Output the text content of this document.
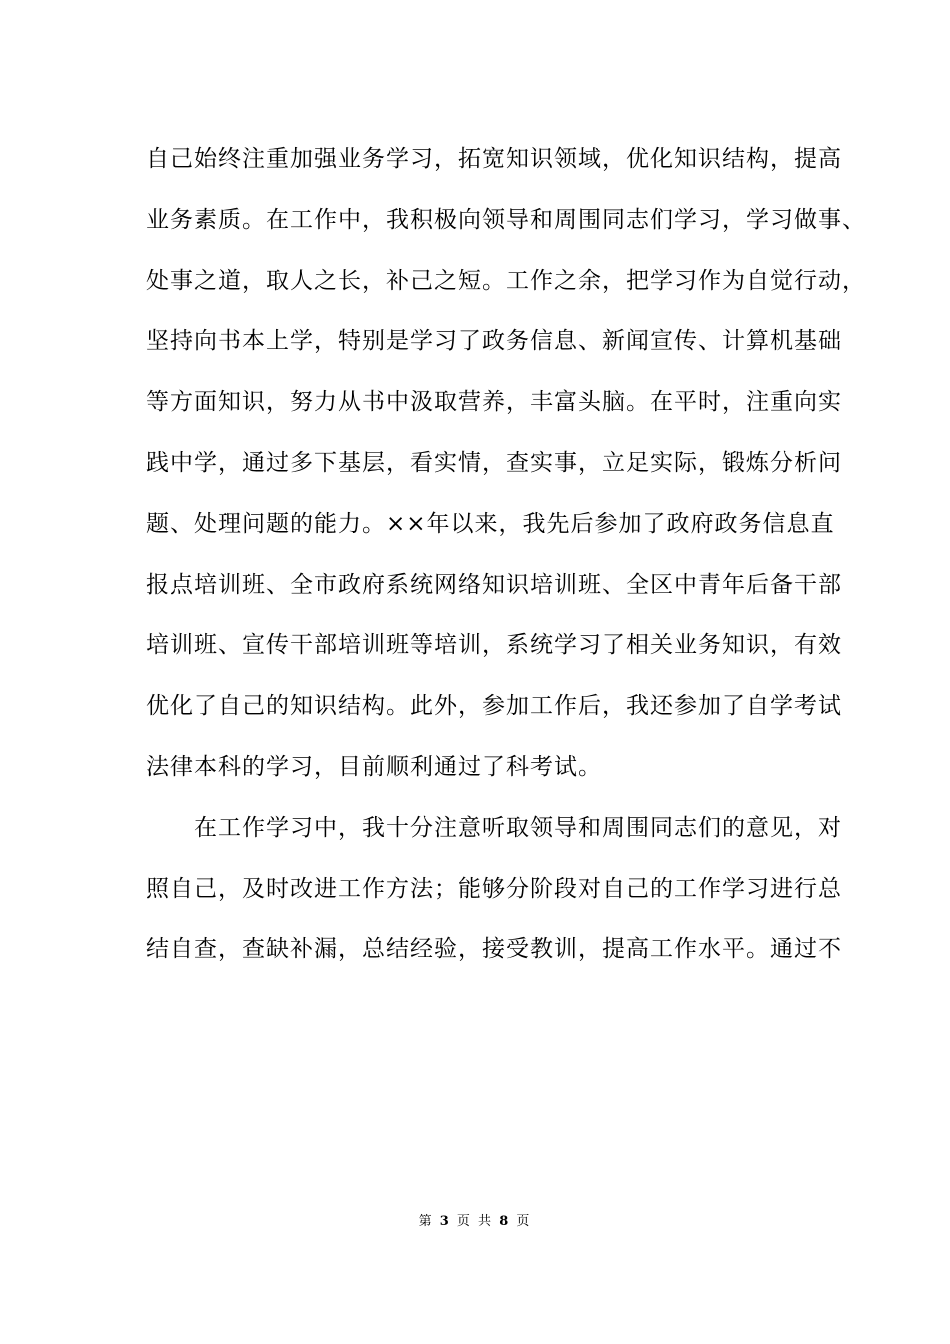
自己始终注重加强业务学习，拓宽知识领域，优化知识结构，提高
业务素质。在工作中，我积极向领导和周围同志们学习，学习做事、
处事之道，取人之长，补己之短。工作之余，把学习作为自觉行动，
坚持向书本上学，特别是学习了政务信息、新闻宣传、计算机基础
等方面知识，努力从书中汲取营养，丰富头脑。在平时，注重向实
践中学，通过多下基层，看实情，查实事，立足实际，锻炼分析问
题、处理问题的能力。××年以来，我先后参加了政府政务信息直
报点培训班、全市政府系统网络知识培训班、全区中青年后备干部
培训班、宣传干部培训班等培训，系统学习了相关业务知识，有效
优化了自己的知识结构。此外，参加工作后，我还参加了自学考试
法律本科的学习，目前顺利通过了科考试。
　　在工作学习中，我十分注意听取领导和周围同志们的意见，对
照自己，及时改进工作方法；能够分阶段对自己的工作学习进行总
结自查，查缺补漏，总结经验，接受教训，提高工作水平。通过不
第 3 页 共 8 页
